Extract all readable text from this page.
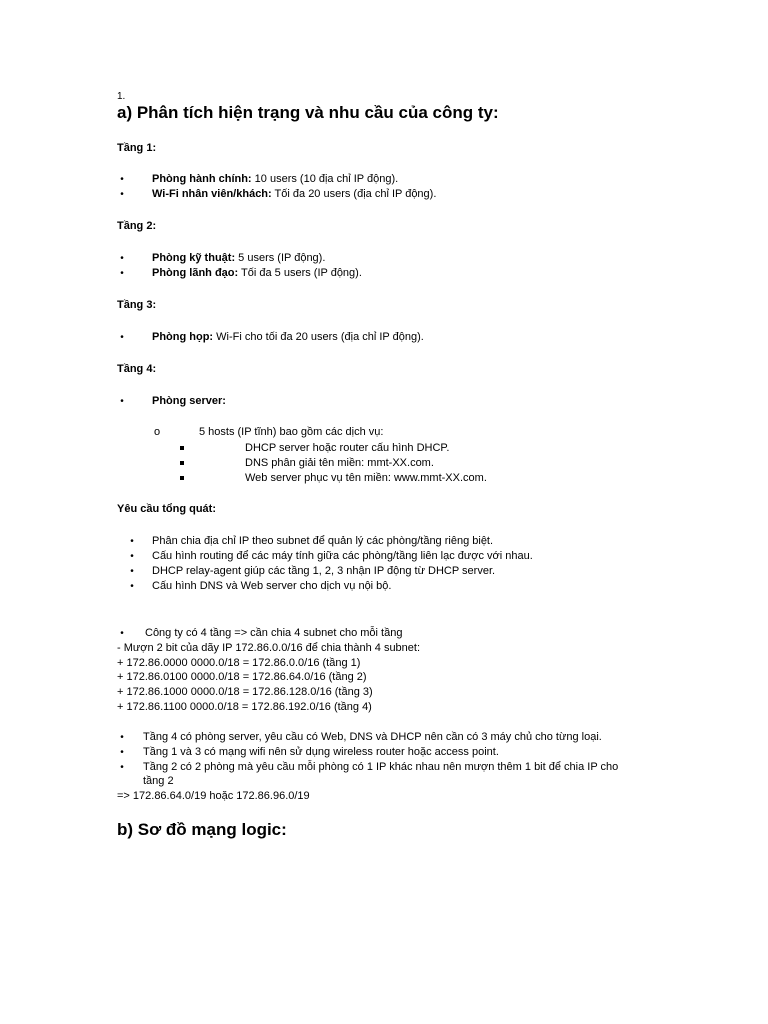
1.
a) Phân tích hiện trạng và nhu cầu của công ty:
Tầng 1:
•	Phòng hành chính: 10 users (10 địa chỉ IP động).
•	Wi-Fi nhân viên/khách: Tối đa 20 users (địa chỉ IP động).
Tầng 2:
•	Phòng kỹ thuật: 5 users (IP động).
•	Phòng lãnh đạo: Tối đa 5 users (IP động).
Tầng 3:
•	Phòng họp: Wi-Fi cho tối đa 20 users (địa chỉ IP động).
Tầng 4:
•	Phòng server:
o	5 hosts (IP tĩnh) bao gồm các dịch vụ:
DHCP server hoặc router cấu hình DHCP.
DNS phân giải tên miền: mmt-XX.com.
Web server phục vụ tên miền: www.mmt-XX.com.
Yêu cầu tổng quát:
• Phân chia địa chỉ IP theo subnet để quản lý các phòng/tầng riêng biệt.
• Cấu hình routing để các máy tính giữa các phòng/tầng liên lạc được với nhau.
• DHCP relay-agent giúp các tầng 1, 2, 3 nhận IP động từ DHCP server.
• Cấu hình DNS và Web server cho dịch vụ nội bộ.
• Công ty có 4 tầng => cần chia 4 subnet cho mỗi tầng
- Mượn 2 bit của dãy IP 172.86.0.0/16 để chia thành 4 subnet:
+ 172.86.0000 0000.0/18 = 172.86.0.0/16 (tầng 1)
+ 172.86.0100 0000.0/18 = 172.86.64.0/16 (tầng 2)
+ 172.86.1000 0000.0/18 = 172.86.128.0/16 (tầng 3)
+ 172.86.1100 0000.0/18 = 172.86.192.0/16 (tầng 4)
• Tầng 4 có phòng server, yêu cầu có Web, DNS và DHCP nên cần có 3 máy chủ cho từng loại.
• Tầng 1 và 3 có mạng wifi nên sử dụng wireless router hoặc access point.
• Tầng 2 có 2 phòng mà yêu cầu mỗi phòng có 1 IP khác nhau nên mượn thêm 1 bit để chia IP cho
tầng 2
=> 172.86.64.0/19 hoặc 172.86.96.0/19
b) Sơ đồ mạng logic:
